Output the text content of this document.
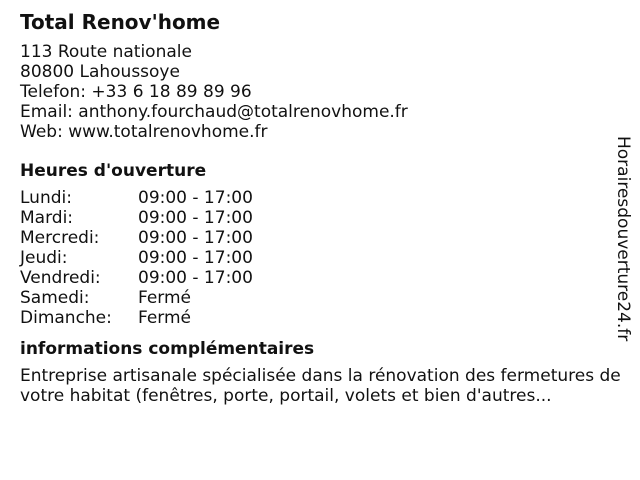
Total Renov'home
113 Route nationale
80800 Lahoussoye
Telefon: +33 6 18 89 89 96
Email: anthony.fourchaud@totalrenovhome.fr
Web: www.totalrenovhome.fr
Heures d'ouverture
Lundi:	09:00 - 17:00
Mardi:	09:00 - 17:00
Mercredi:	09:00 - 17:00
Jeudi:	09:00 - 17:00
Vendredi:	09:00 - 17:00
Samedi:	Fermé
Dimanche:	Fermé
informations complémentaires
Entreprise artisanale spécialisée dans la rénovation des fermetures de votre habitat (fenêtres, porte, portail, volets et bien d'autres...
Horairesdouverture24.fr
